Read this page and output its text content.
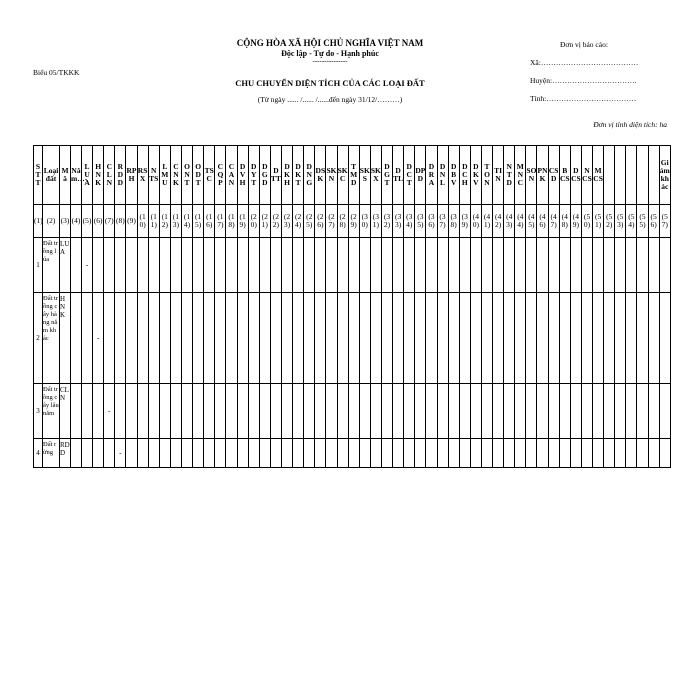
CỘNG HÒA XÃ HỘI CHỦ NGHĨA VIỆT NAM
Độc lập - Tự do - Hạnh phúc
---------------
Biểu 05/TKKK
CHU CHUYỂN DIỆN TÍCH CỦA CÁC LOẠI ĐẤT
(Từ ngày ...... /...... /......đến ngày 31/12/………)
Đơn vị báo cáo:
Xã:…………………………………
Huyện:…………………………….
Tỉnh:………………………………
Đơn vị tính diện tích: ha
STT	Loại đất	Mã	Năm…-	LUA	HNK	CLN	RDD	RPH	RSX	NTS	LMU	CNK	ONT	ODT	TSC	CQP	CAN	DVH	DYT	DGD	DTT	DKH	DKT	DNG	DSK	SKN	SKC	TMD	SKS	SKX	DGT	DTL	DCT	DPD	DRA	DNL	DBV	DCH	DKV	TON	TIN	NTD	MNC	SON	PNK	CSD	BCS	DCS	NCS	MCS						Giảm khác
(1)	(2)	(3)	(4)	(5)	(6)	(7)	(8)	(9)	(10)	(11)	(12)	(13)	(14)	(15)	(16)	(17)	(18)	(19)	(20)	(21)	(22)	(23)	(24)	(25)	(26)	(27)	(28)	(29)	(30)	(31)	(32)	(33)	(34)	(35)	(36)	(37)	(38)	(39)	(40)	(41)	(42)	(43)	(44)	(45)	(46)	(47)	(48)	(49)	(50)	(51)	(52)	(53)	(54)	(55)	(56)	(57)
1	Đất trồng lúa	LUA		-																																																				
2	Đất trồng cây hàng năm khác	HNK			-																																																			
3	Đất trồng cây lâu năm	CLN				-																																																		
4	Đất rừng	RDD					-																																																	
